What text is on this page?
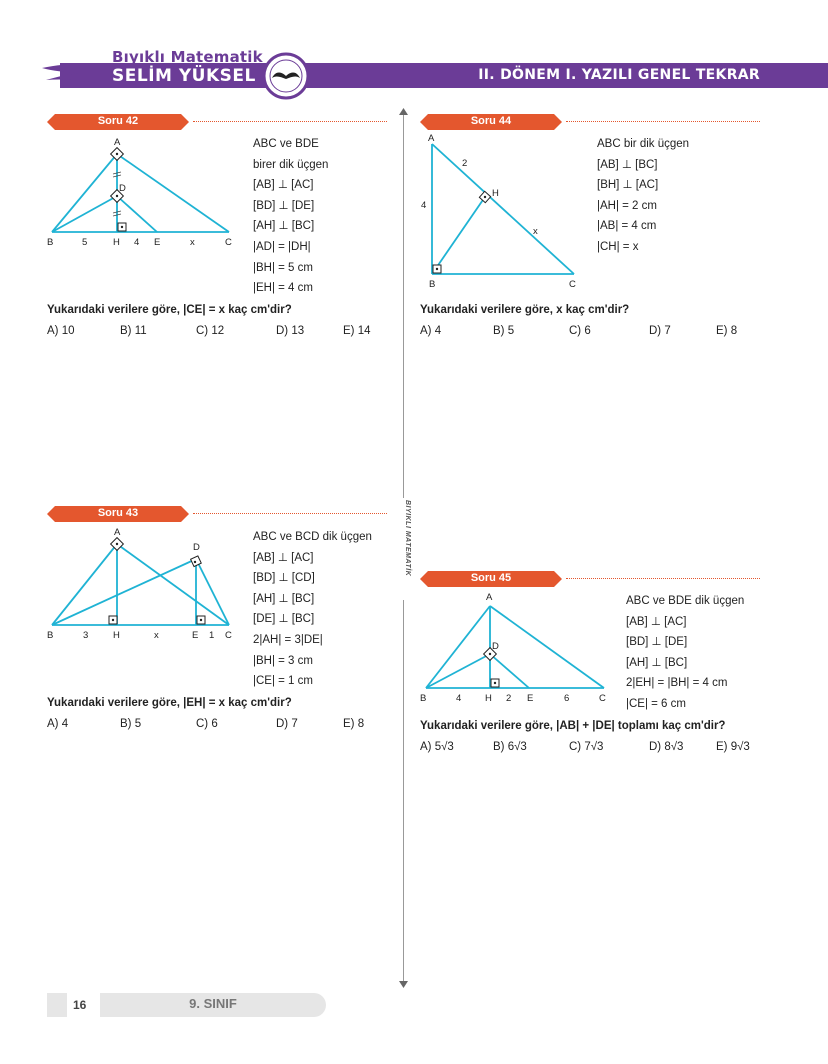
Bıyıklı Matematik
SELİM YÜKSEL	II. DÖNEM I. YAZILI GENEL TEKRAR
BIYIKLI MATEMATİK
Soru 42
A
D
B	5	H 4 E	x	C
ABC ve BDE
birer dik üçgen
[AB] ⊥ [AC]
[BD] ⊥ [DE]
[AH] ⊥ [BC]
|AD| = |DH|
|BH| = 5 cm
|EH| = 4 cm
Yukarıdaki verilere göre, |CE| = x kaç cm'dir?
A) 10	B) 11	C) 12	D) 13	E) 14
Soru 43
A
D
B	3	H	x	E 1 C
ABC ve BCD dik üçgen
[AB] ⊥ [AC]
[BD] ⊥ [CD]
[AH] ⊥ [BC]
[DE] ⊥ [BC]
2|AH| = 3|DE|
|BH| = 3 cm
|CE| = 1 cm
Yukarıdaki verilere göre, |EH| = x kaç cm'dir?
A) 4	B) 5	C) 6	D) 7	E) 8
Soru 44
A
2
H
4
x
B	C
ABC bir dik üçgen
[AB] ⊥ [BC]
[BH] ⊥ [AC]
|AH| = 2 cm
|AB| = 4 cm
|CH| = x
Yukarıdaki verilere göre, x kaç cm'dir?
A) 4	B) 5	C) 6	D) 7	E) 8
Soru 45
A
D
B	4 H 2 E	6	C
ABC ve BDE dik üçgen
[AB] ⊥ [AC]
[BD] ⊥ [DE]
[AH] ⊥ [BC]
2|EH| = |BH| = 4 cm
|CE| = 6 cm
Yukarıdaki verilere göre, |AB| + |DE| toplamı kaç cm'dir?
A) 5√3	B) 6√3	C) 7√3	D) 8√3	E) 9√3
16	9. SINIF
